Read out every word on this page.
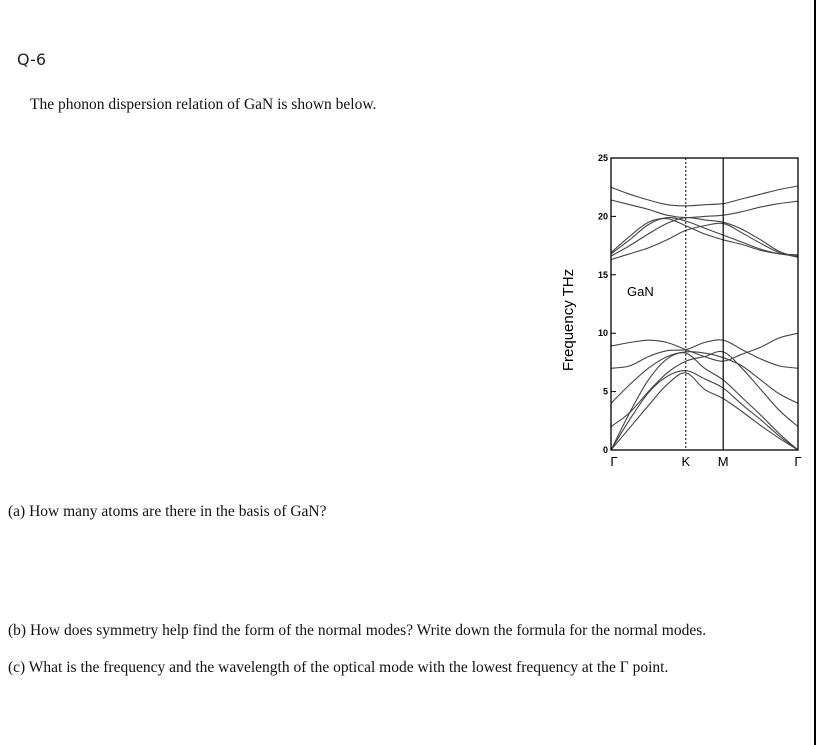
Q-6
The phonon dispersion relation of GaN is shown below.
0
5
10
15
20
25
Γ	K M	Γ
Frequency THz	GaN
(a) How many atoms are there in the basis of GaN?
(b) How does symmetry help find the form of the normal modes? Write down the formula for the normal modes.
(c) What is the frequency and the wavelength of the optical mode with the lowest frequency at the Γ point.
